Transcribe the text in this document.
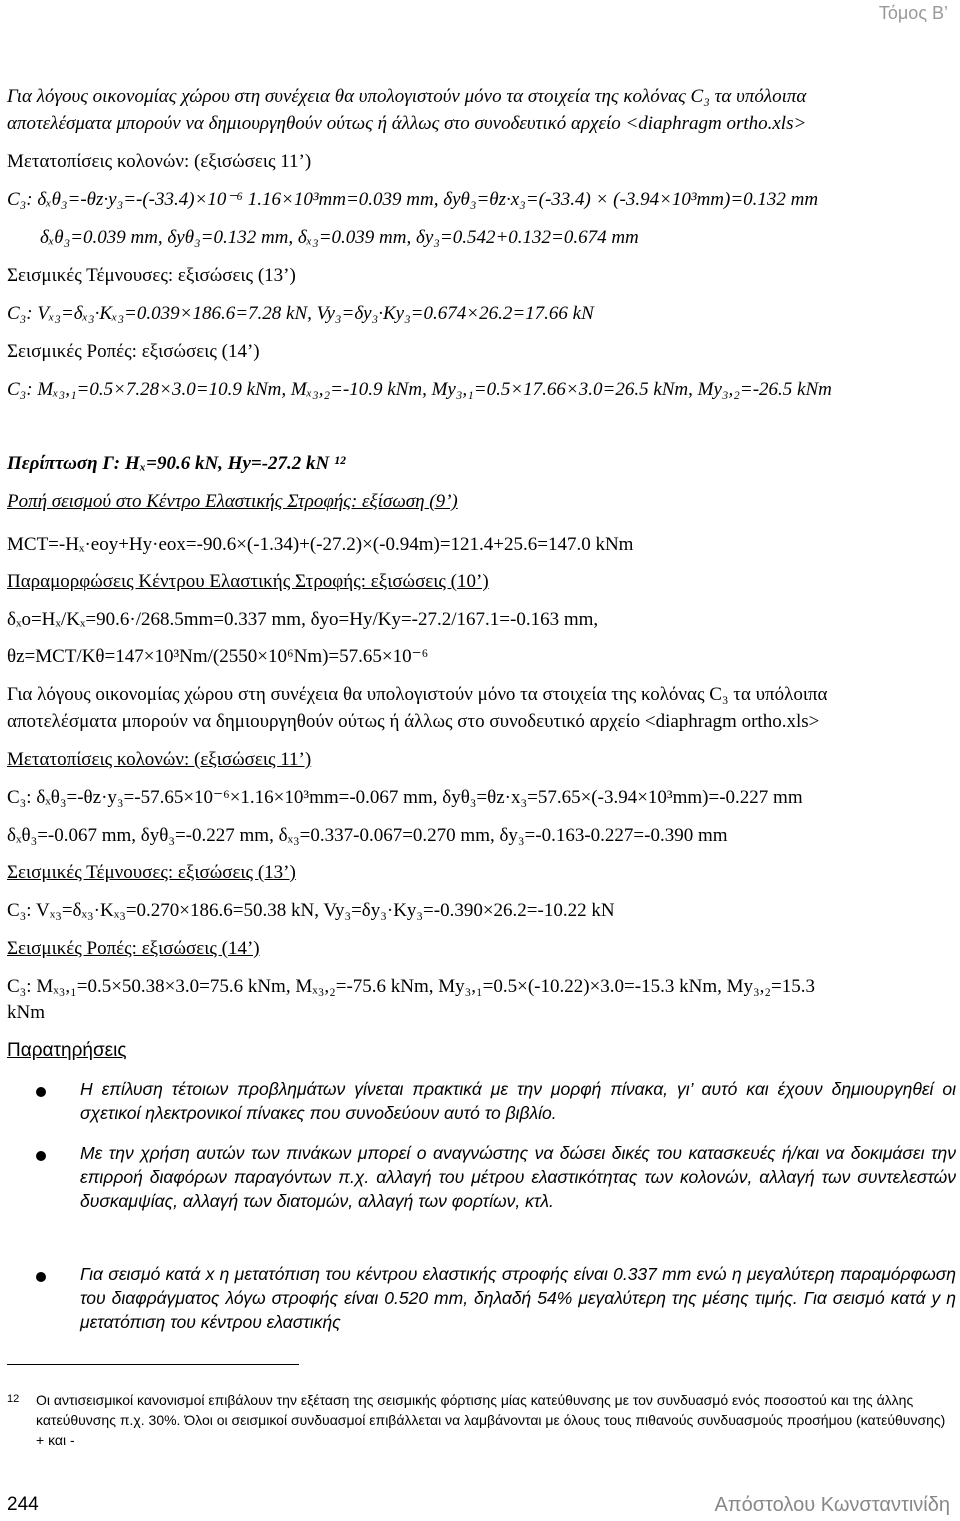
Τόμος Β’
Για λόγους οικονομίας χώρου στη συνέχεια θα υπολογιστούν μόνο τα στοιχεία της κολόνας C₃ τα υπόλοιπα
αποτελέσματα μπορούν να δημιουργηθούν ούτως ή άλλως στο συνοδευτικό αρχείο <diaphragm ortho.xls>
Μετατοπίσεις κολονών: (εξισώσεις 11’)
C₃: δₓθ₃=-θz·y₃=-(-33.4)×10⁻⁶ 1.16×10³mm=0.039 mm, δyθ₃=θz·x₃=(-33.4) × (-3.94×10³mm)=0.132 mm
δₓθ₃=0.039 mm, δyθ₃=0.132 mm, δₓ₃=0.039 mm, δy₃=0.542+0.132=0.674 mm
Σεισμικές Τέμνουσες: εξισώσεις (13’)
C₃: Vₓ₃=δₓ₃·Kₓ₃=0.039×186.6=7.28 kN, Vy₃=δy₃·Ky₃=0.674×26.2=17.66 kN
Σεισμικές Ροπές: εξισώσεις (14’)
C₃: Mₓ₃,₁=0.5×7.28×3.0=10.9 kNm, Mₓ₃,₂=-10.9 kNm, My₃,₁=0.5×17.66×3.0=26.5 kNm, My₃,₂=-26.5 kNm
Περίπτωση Γ: Hₓ=90.6 kN, Hy=-27.2 kN ¹²
Ροπή σεισμού στο Κέντρο Ελαστικής Στροφής: εξίσωση (9’)
MCT=-Hₓ·eoy+Hy·eox=-90.6×(-1.34)+(-27.2)×(-0.94m)=121.4+25.6=147.0 kNm
Παραμορφώσεις Κέντρου Ελαστικής Στροφής: εξισώσεις (10’)
δₓo=Hₓ/Kₓ=90.6·/268.5mm=0.337 mm, δyo=Hy/Ky=-27.2/167.1=-0.163 mm,
θz=MCT/Kθ=147×10³Nm/(2550×10⁶Nm)=57.65×10⁻⁶
Για λόγους οικονομίας χώρου στη συνέχεια θα υπολογιστούν μόνο τα στοιχεία της κολόνας C₃ τα υπόλοιπα
αποτελέσματα μπορούν να δημιουργηθούν ούτως ή άλλως στο συνοδευτικό αρχείο <diaphragm ortho.xls>
Μετατοπίσεις κολονών: (εξισώσεις 11’)
C₃: δₓθ₃=-θz·y₃=-57.65×10⁻⁶×1.16×10³mm=-0.067 mm, δyθ₃=θz·x₃=57.65×(-3.94×10³mm)=-0.227 mm
δₓθ₃=-0.067 mm, δyθ₃=-0.227 mm, δₓ₃=0.337-0.067=0.270 mm, δy₃=-0.163-0.227=-0.390 mm
Σεισμικές Τέμνουσες: εξισώσεις (13’)
C₃: Vₓ₃=δₓ₃·Kₓ₃=0.270×186.6=50.38 kN, Vy₃=δy₃·Ky₃=-0.390×26.2=-10.22 kN
Σεισμικές Ροπές: εξισώσεις (14’)
C₃: Mₓ₃,₁=0.5×50.38×3.0=75.6 kNm, Mₓ₃,₂=-75.6 kNm, My₃,₁=0.5×(-10.22)×3.0=-15.3 kNm, My₃,₂=15.3
kNm
Παρατηρήσεις
Η επίλυση τέτοιων προβλημάτων γίνεται πρακτικά με την μορφή πίνακα, γι’ αυτό και έχουν δημιουργηθεί οι σχετικοί ηλεκτρονικοί πίνακες που συνοδεύουν αυτό το βιβλίο.
Με την χρήση αυτών των πινάκων μπορεί ο αναγνώστης να δώσει δικές του κατασκευές ή/και να δοκιμάσει την επιρροή διαφόρων παραγόντων π.χ. αλλαγή του μέτρου ελαστικότητας των κολονών, αλλαγή των συντελεστών δυσκαμψίας, αλλαγή των διατομών, αλλαγή των φορτίων, κτλ.
Για σεισμό κατά x η μετατόπιση του κέντρου ελαστικής στροφής είναι 0.337 mm ενώ η μεγαλύτερη παραμόρφωση του διαφράγματος λόγω στροφής είναι 0.520 mm, δηλαδή 54% μεγαλύτερη της μέσης τιμής. Για σεισμό κατά y η μετατόπιση του κέντρου ελαστικής
12 Οι αντισεισμικοί κανονισμοί επιβάλουν την εξέταση της σεισμικής φόρτισης μίας κατεύθυνσης με τον συνδυασμό ενός ποσοστού και της άλλης κατεύθυνσης π.χ. 30%. Όλοι οι σεισμικοί συνδυασμοί επιβάλλεται να λαμβάνονται με όλους τους πιθανούς συνδυασμούς προσήμου (κατεύθυνσης) + και -
244	Απόστολου Κωνσταντινίδη
